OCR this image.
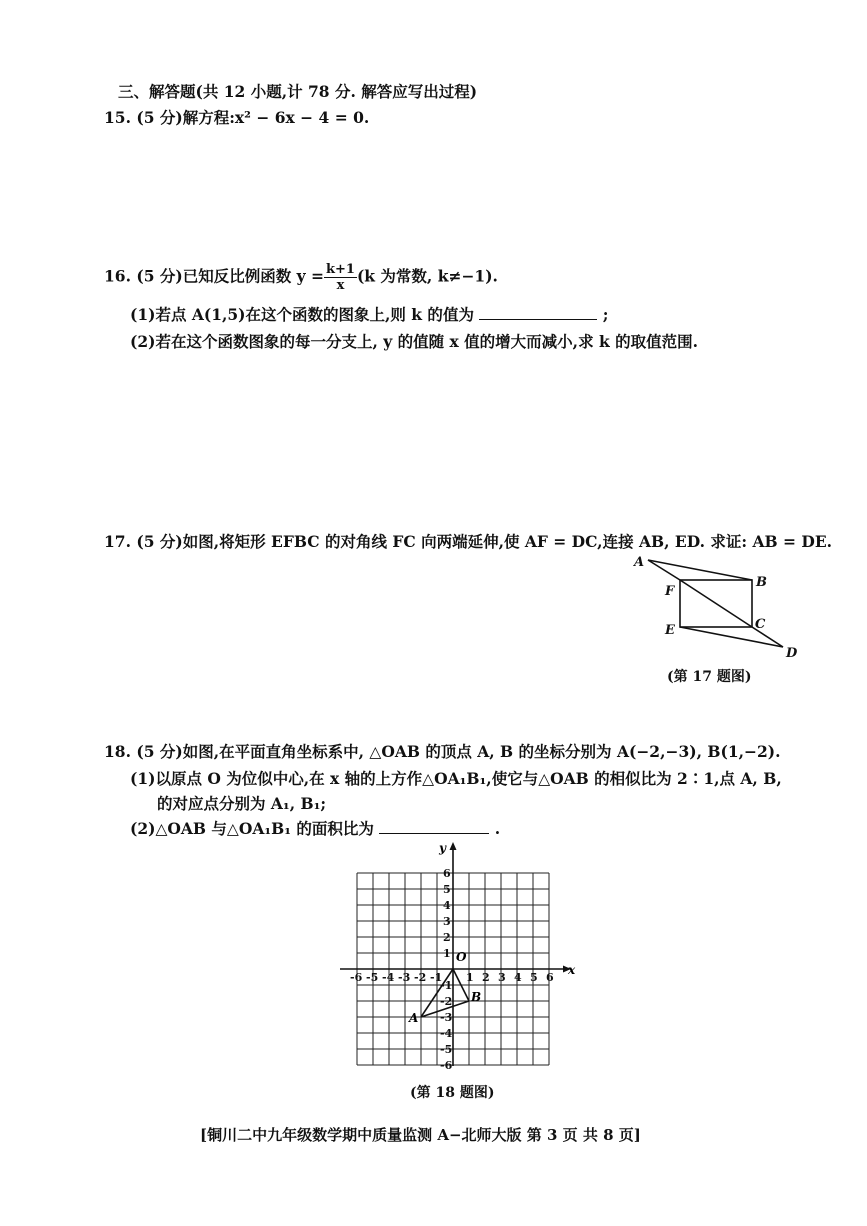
三、解答题(共 12 小题,计 78 分. 解答应写出过程)
15. (5 分)解方程:x² − 6x − 4 = 0.
16. (5 分)已知反比例函数 $y = \frac{k+1}{x} (k$ 为常数, k≠−1).
(1)若点 A(1,5)在这个函数的图象上,则 k 的值为	;
(2)若在这个函数图象的每一分支上, y 的值随 x 值的增大而减小,求 k 的取值范围.
17. (5 分)如图,将矩形 EFBC 的对角线 FC 向两端延伸,使 AF = DC,连接 AB, ED. 求证: AB = DE.
A
B
F
E	C
D
(第 17 题图)
18. (5 分)如图,在平面直角坐标系中, △OAB 的顶点 A, B 的坐标分别为 A(−2,−3), B(1,−2).
(1)以原点 O 为位似中心,在 x 轴的上方作△OA₁B₁,使它与△OAB 的相似比为 2∶1,点 A, B,
的对应点分别为 A₁, B₁;
(2)△OAB 与△OA₁B₁ 的面积比为	.
-6 -5 -4 -3 -2 -1 1 2 3 4 5 6
6
5
4
3
2
1
-1
-2
-3
-4
-5
-6
x
y
O
A
B
(第 18 题图)
[铜川二中九年级数学期中质量监测 A−北师大版 第 3 页 共 8 页]
